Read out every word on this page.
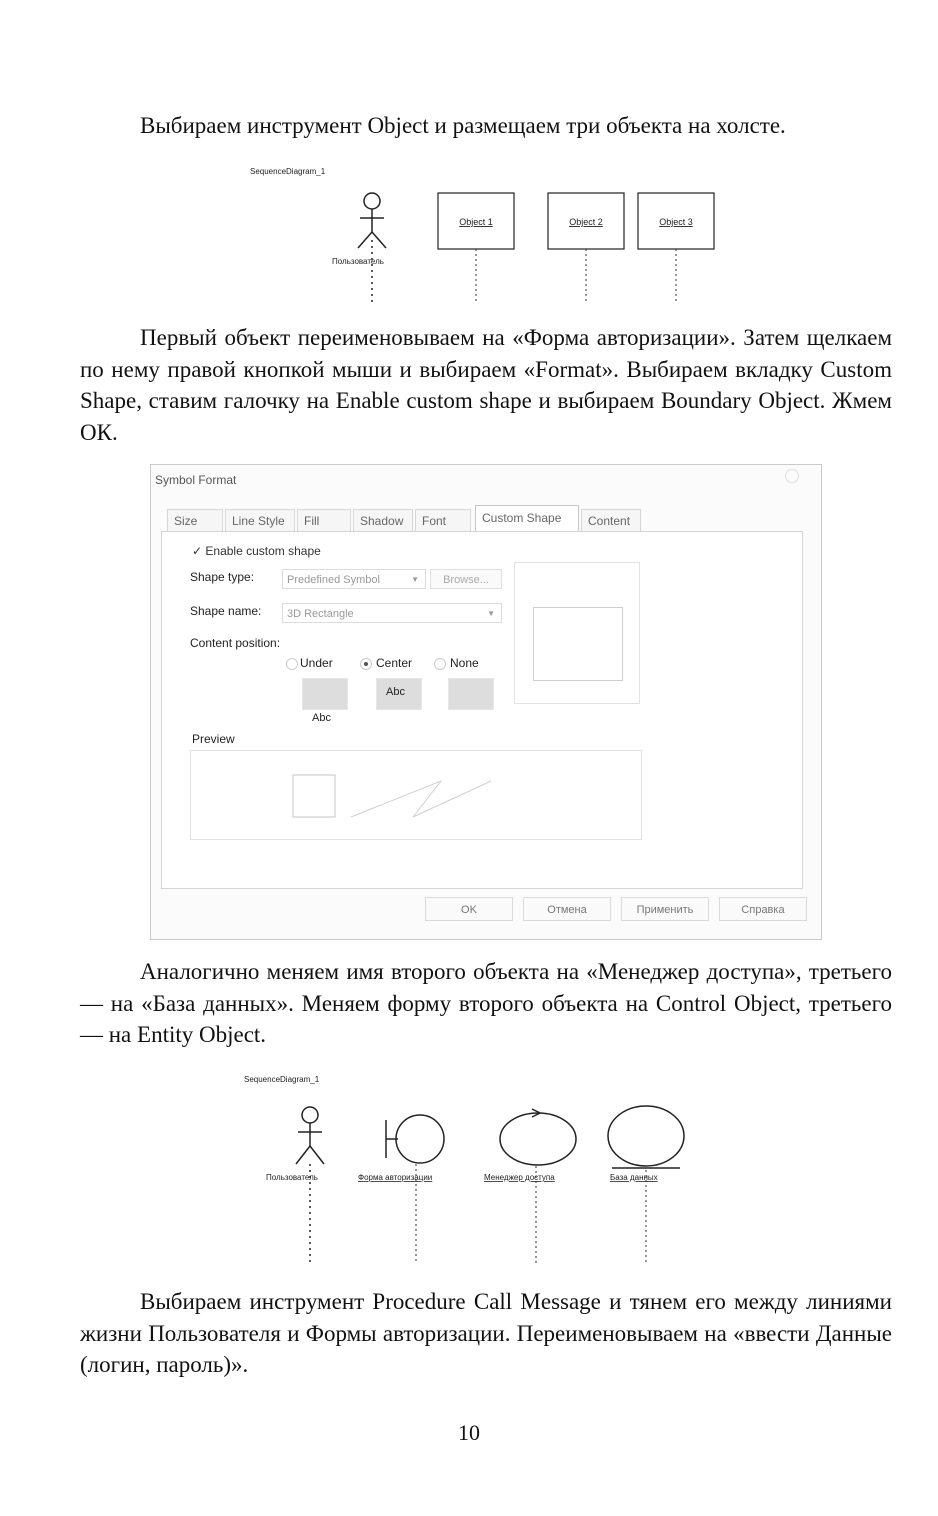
Выбираем инструмент Object и размещаем три объекта на холсте.

SequenceDiagram_1
Пользователь
Object 1	Object 2	Object 3

Первый объект переименовываем на «Форма авторизации». Затем щелкаем по нему правой кнопкой мыши и выбираем «Format». Выбираем вкладку Custom Shape, ставим галочку на Enable custom shape и выбираем Boundary Object. Жмем ОК.

Symbol Format
Size	Line Style	Fill	Shadow	Font	Custom Shape	Content
✓ Enable custom shape
Shape type:	Predefined Symbol	▼	Browse...
Shape name:	3D Rectangle	▼
Content position:
Under	Center	None
Abc
Abc
Preview
OK	Отмена	Применить	Справка

Аналогично меняем имя второго объекта на «Менеджер доступа», третьего — на «База данных». Меняем форму второго объекта на Control Object, третьего — на Entity Object.

SequenceDiagram_1
Пользователь	Форма авторизации	Менеджер доступа	База данных

Выбираем инструмент Procedure Call Message и тянем его между линиями жизни Пользователя и Формы авторизации. Переименовываем на «ввести Данные (логин, пароль)».

10
